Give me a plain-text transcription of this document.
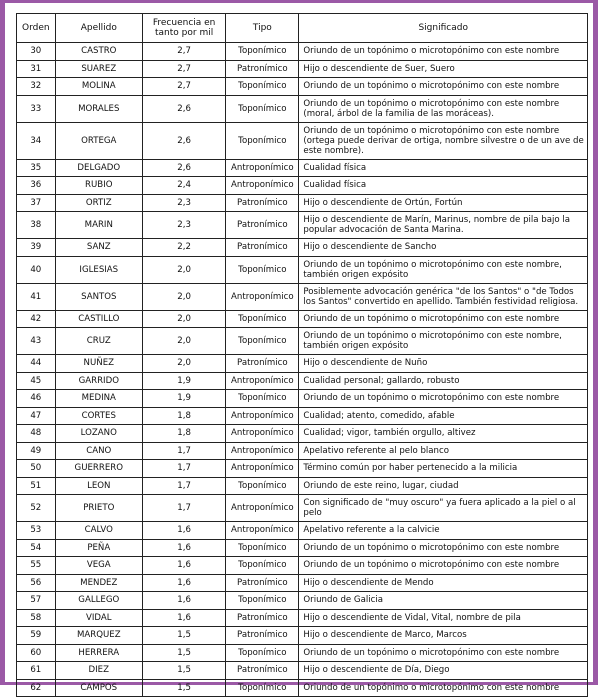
Orden	Apellido	Frecuencia en tanto por mil	Tipo	Significado
30	CASTRO	2,7	Toponímico	Oriundo de un topónimo o microtopónimo con este nombre
31	SUAREZ	2,7	Patronímico	Hijo o descendiente de Suer, Suero
32	MOLINA	2,7	Toponímico	Oriundo de un topónimo o microtopónimo con este nombre
33	MORALES	2,6	Toponímico	Oriundo de un topónimo o microtopónimo con este nombre (moral, árbol de la familia de las moráceas).
34	ORTEGA	2,6	Toponímico	Oriundo de un topónimo o microtopónimo con este nombre (ortega puede derivar de ortiga, nombre silvestre o de un ave de este nombre).
35	DELGADO	2,6	Antroponímico	Cualidad física
36	RUBIO	2,4	Antroponímico	Cualidad física
37	ORTIZ	2,3	Patronímico	Hijo o descendiente de Ortún, Fortún
38	MARIN	2,3	Patronímico	Hijo o descendiente de Marín, Marinus, nombre de pila bajo la popular advocación de Santa Marina.
39	SANZ	2,2	Patronímico	Hijo o descendiente de Sancho
40	IGLESIAS	2,0	Toponímico	Oriundo de un topónimo o microtopónimo con este nombre, también origen expósito
41	SANTOS	2,0	Antroponímico	Posiblemente advocación genérica "de los Santos" o "de Todos los Santos" convertido en apellido. También festividad religiosa.
42	CASTILLO	2,0	Toponímico	Oriundo de un topónimo o microtopónimo con este nombre
43	CRUZ	2,0	Toponímico	Oriundo de un topónimo o microtopónimo con este nombre, también origen expósito
44	NUÑEZ	2,0	Patronímico	Hijo o descendiente de Nuño
45	GARRIDO	1,9	Antroponímico	Cualidad personal; gallardo, robusto
46	MEDINA	1,9	Toponímico	Oriundo de un topónimo o microtopónimo con este nombre
47	CORTES	1,8	Antroponímico	Cualidad; atento, comedido, afable
48	LOZANO	1,8	Antroponímico	Cualidad; vigor, también orgullo, altivez
49	CANO	1,7	Antroponímico	Apelativo referente al pelo blanco
50	GUERRERO	1,7	Antroponímico	Término común por haber pertenecido a la milicia
51	LEON	1,7	Toponímico	Oriundo de este reino, lugar, ciudad
52	PRIETO	1,7	Antroponímico	Con significado de "muy oscuro" ya fuera aplicado a la piel o al pelo
53	CALVO	1,6	Antroponímico	Apelativo referente a la calvicie
54	PEÑA	1,6	Toponímico	Oriundo de un topónimo o microtopónimo con este nombre
55	VEGA	1,6	Toponímico	Oriundo de un topónimo o microtopónimo con este nombre
56	MENDEZ	1,6	Patronímico	Hijo o descendiente de Mendo
57	GALLEGO	1,6	Toponímico	Oriundo de Galicia
58	VIDAL	1,6	Patronímico	Hijo o descendiente de Vidal, Vital, nombre de pila
59	MARQUEZ	1,5	Patronímico	Hijo o descendiente de Marco, Marcos
60	HERRERA	1,5	Toponímico	Oriundo de un topónimo o microtopónimo con este nombre
61	DIEZ	1,5	Patronímico	Hijo o descendiente de Día, Diego
62	CAMPOS	1,5	Toponímico	Oriundo de un topónimo o microtopónimo con este nombre
